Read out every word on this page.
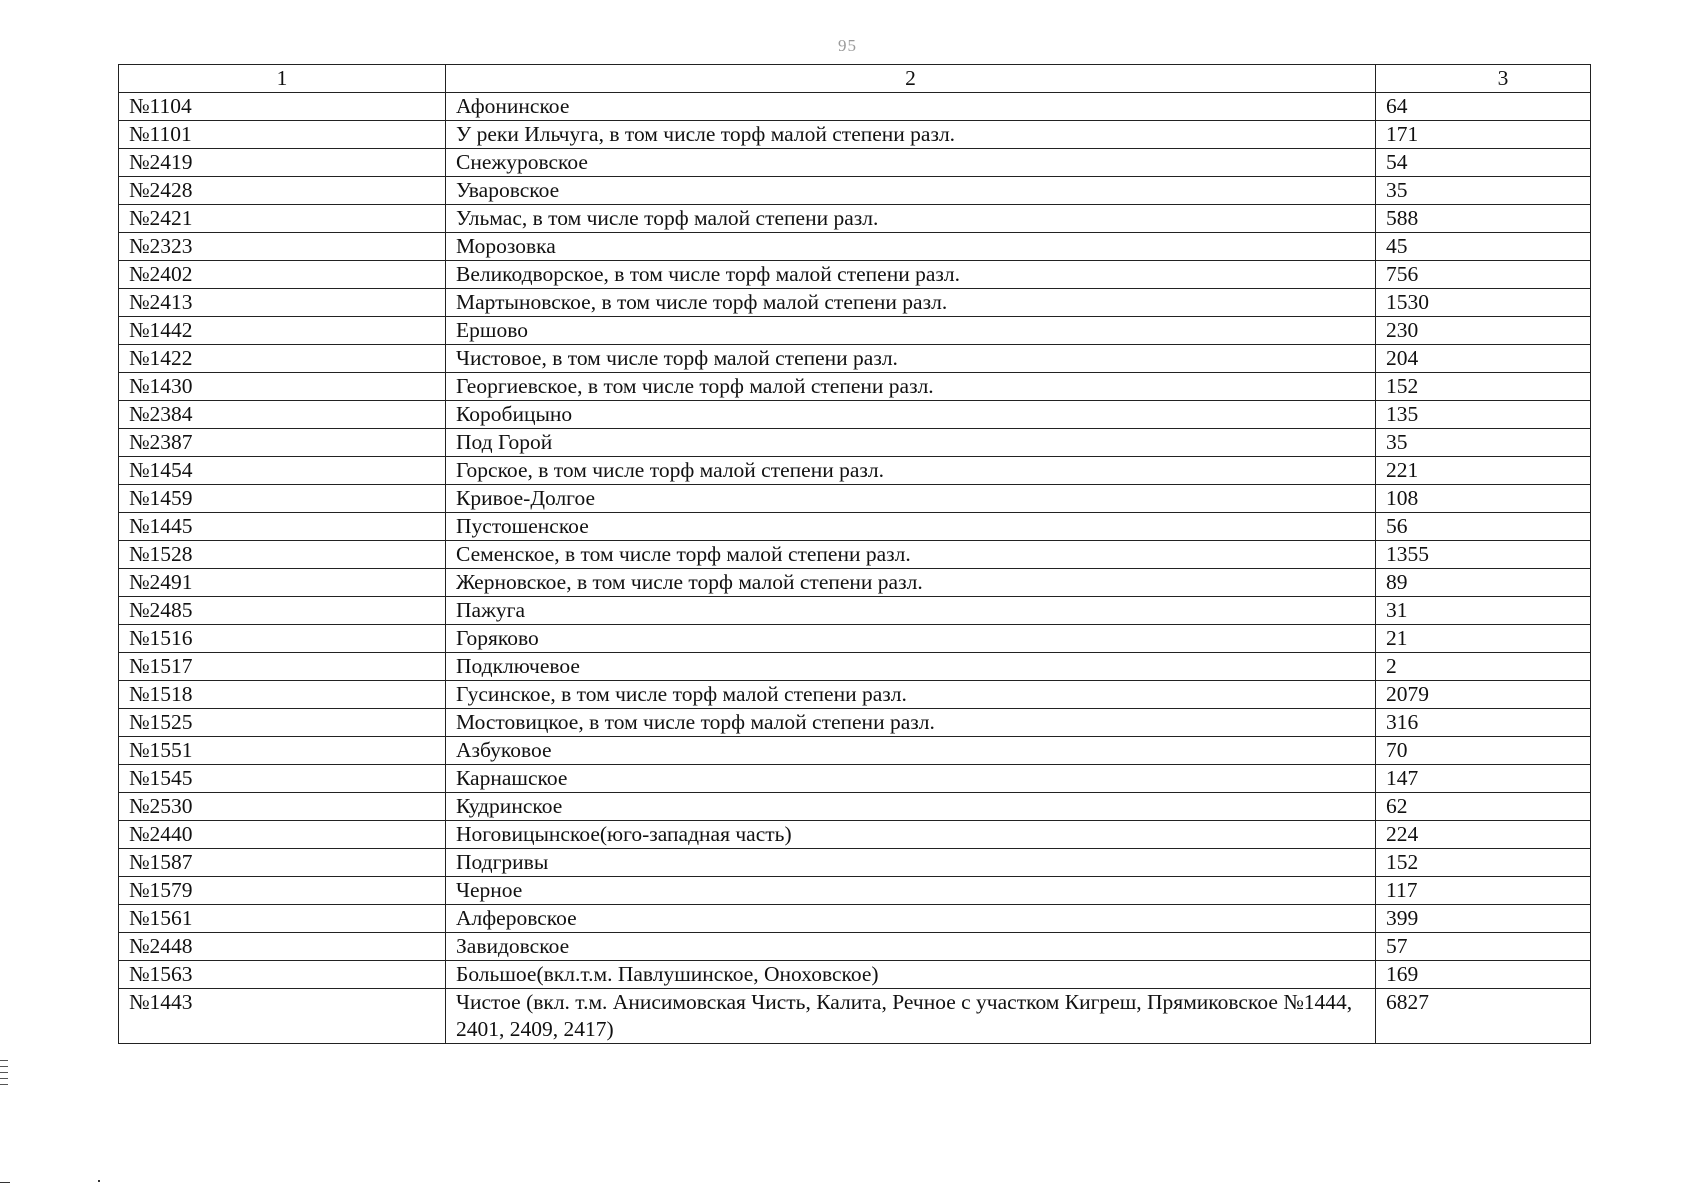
95
1	2	3
№1104	Афонинское	64
№1101	У реки Ильчуга, в том числе торф малой степени разл.	171
№2419	Снежуровское	54
№2428	Уваровское	35
№2421	Ульмас, в том числе торф малой степени разл.	588
№2323	Морозовка	45
№2402	Великодворское, в том числе торф малой степени разл.	756
№2413	Мартыновское, в том числе торф малой степени разл.	1530
№1442	Ершово	230
№1422	Чистовое, в том числе торф малой степени разл.	204
№1430	Георгиевское, в том числе торф малой степени разл.	152
№2384	Коробицыно	135
№2387	Под Горой	35
№1454	Горское, в том числе торф малой степени разл.	221
№1459	Кривое-Долгое	108
№1445	Пустошенское	56
№1528	Семенское, в том числе торф малой степени разл.	1355
№2491	Жерновское, в том числе торф малой степени разл.	89
№2485	Пажуга	31
№1516	Горяково	21
№1517	Подключевое	2
№1518	Гусинское, в том числе торф малой степени разл.	2079
№1525	Мостовицкое, в том числе торф малой степени разл.	316
№1551	Азбуковое	70
№1545	Карнашское	147
№2530	Кудринское	62
№2440	Ноговицынское(юго-западная часть)	224
№1587	Подгривы	152
№1579	Черное	117
№1561	Алферовское	399
№2448	Завидовское	57
№1563	Большое(вкл.т.м. Павлушинское, Оноховское)	169
№1443	Чистое (вкл. т.м. Анисимовская Чисть, Калита, Речное с участком Кигреш, Прямиковское №1444, 2401, 2409, 2417)	6827
